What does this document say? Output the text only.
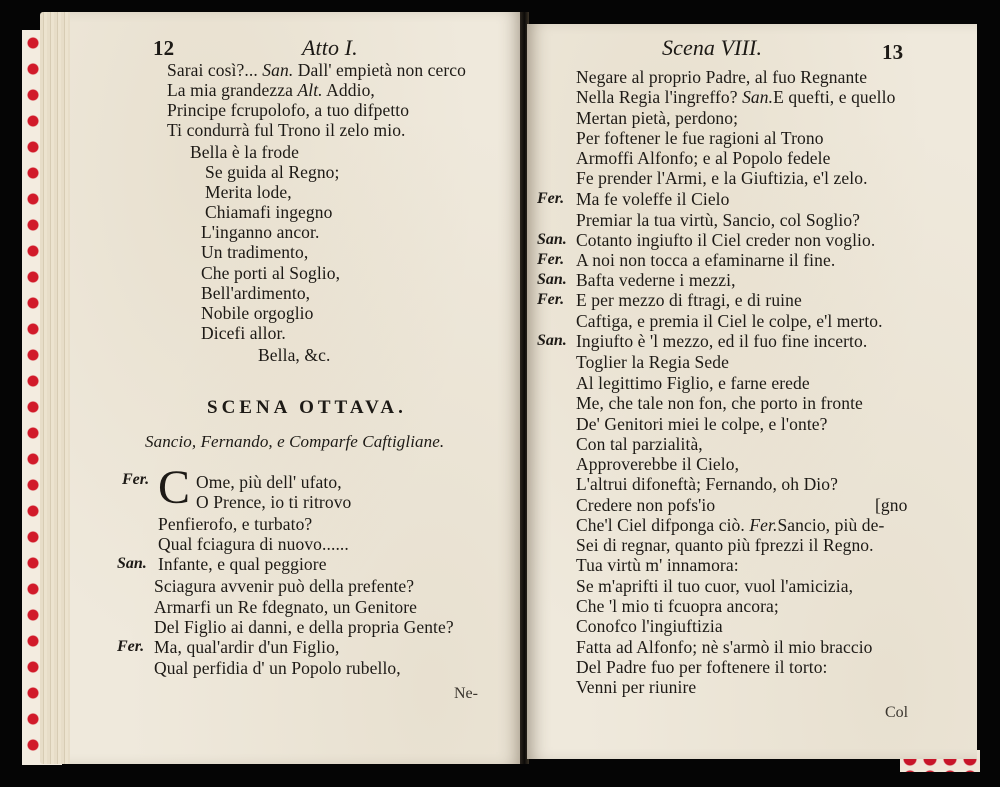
12	Atto I.
Sarai così?... San. Dall' empietà non cerco
La mia grandezza Alt. Addio,
Principe fcrupolofo, a tuo difpetto
Ti condurrà ful Trono il zelo mio.
Bella è la frode
Se guida al Regno;
Merita lode,
Chiamafi ingegno
L'inganno ancor.
Un tradimento,
Che porti al Soglio,
Bell'ardimento,
Nobile orgoglio
Dicefi allor.
Bella, &c.
SCENA OTTAVA.
Sancio, Fernando, e Comparfe Caftigliane.
Fer. C Ome, più dell' ufato,
O Prence, io ti ritrovo
Penfierofo, e turbato?
Qual fciagura di nuovo......
San. Infante, e qual peggiore
Sciagura avvenir può della prefente?
Armarfi un Re fdegnato, un Genitore
Del Figlio ai danni, e della propria Gente?
Fer. Ma, qual'ardir d'un Figlio,
Qual perfidia d' un Popolo rubello,
Ne-
Scena VIII.	13
Negare al proprio Padre, al fuo Regnante
Nella Regia l'ingreffo? San.E quefti, e quello
Mertan pietà, perdono;
Per foftener le fue ragioni al Trono
Armoffi Alfonfo; e al Popolo fedele
Fe prender l'Armi, e la Giuftizia, e'l zelo.
Fer. Ma fe voleffe il Cielo
Premiar la tua virtù, Sancio, col Soglio?
San. Cotanto ingiufto il Ciel creder non voglio.
Fer. A noi non tocca a efaminarne il fine.
San. Bafta vederne i mezzi,
Fer. E per mezzo di ftragi, e di ruine
Caftiga, e premia il Ciel le colpe, e'l merto.
San. Ingiufto è 'l mezzo, ed il fuo fine incerto.
Toglier la Regia Sede
Al legittimo Figlio, e farne erede
Me, che tale non fon, che porto in fronte
De' Genitori miei le colpe, e l'onte?
Con tal parzialità,
Approverebbe il Cielo,
L'altrui difoneftà; Fernando, oh Dio?
Credere non pofs'io	[gno
Che'l Ciel difponga ciò. Fer.Sancio, più de-
Sei di regnar, quanto più fprezzi il Regno.
Tua virtù m' innamora:
Se m'aprifti il tuo cuor, vuol l'amicizia,
Che 'l mio ti fcuopra ancora;
Conofco l'ingiuftizia
Fatta ad Alfonfo; nè s'armò il mio braccio
Del Padre fuo per foftenere il torto:
Venni per riunire
Col
